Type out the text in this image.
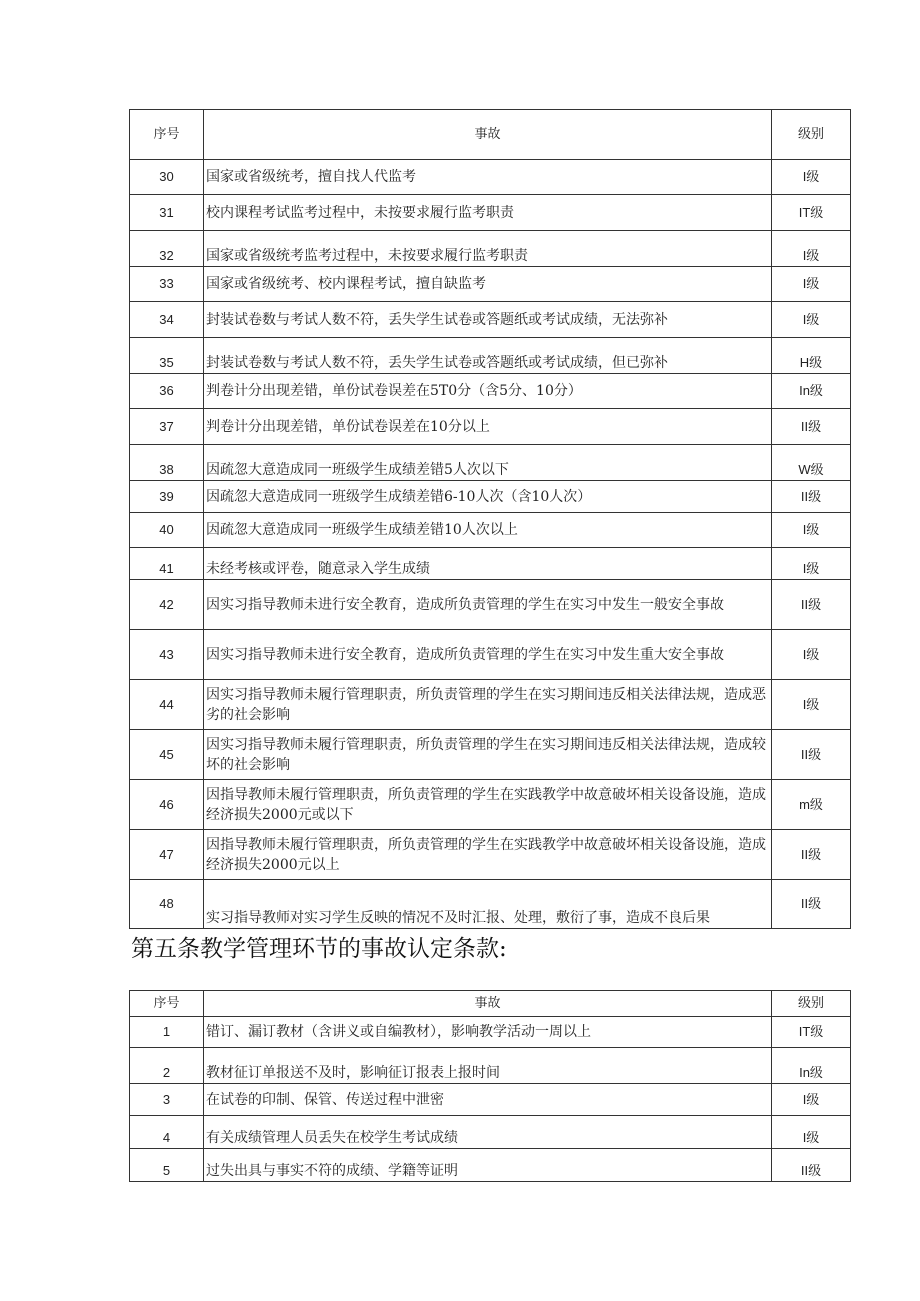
序号	事故	级别
30	国家或省级统考，擅自找人代监考	I级
31	校内课程考试监考过程中，未按要求履行监考职责	ΙΤ级
32	国家或省级统考监考过程中，未按要求履行监考职责	I级
33	国家或省级统考、校内课程考试，擅自缺监考	I级
34	封装试卷数与考试人数不符，丢失学生试卷或答题纸或考试成绩，无法弥补	I级
35	封装试卷数与考试人数不符，丢失学生试卷或答题纸或考试成绩，但已弥补	H级
36	判卷计分出现差错，单份试卷误差在5T0分（含5分、10分）	In级
37	判卷计分出现差错，单份试卷误差在10分以上	II级
38	因疏忽大意造成同一班级学生成绩差错5人次以下	W级
39	因疏忽大意造成同一班级学生成绩差错6-10人次（含10人次）	II级
40	因疏忽大意造成同一班级学生成绩差错10人次以上	I级
41	未经考核或评卷，随意录入学生成绩	I级
42	因实习指导教师未进行安全教育，造成所负责管理的学生在实习中发生一般安全事故	II级
43	因实习指导教师未进行安全教育，造成所负责管理的学生在实习中发生重大安全事故	I级
44	因实习指导教师未履行管理职责，所负责管理的学生在实习期间违反相关法律法规，造成恶劣的社会影响	I级
45	因实习指导教师未履行管理职责，所负责管理的学生在实习期间违反相关法律法规，造成较坏的社会影响	II级
46	因指导教师未履行管理职责，所负责管理的学生在实践教学中故意破坏相关设备设施，造成经济损失2000元或以下	m级
47	因指导教师未履行管理职责，所负责管理的学生在实践教学中故意破坏相关设备设施，造成经济损失2000元以上	II级
48	实习指导教师对实习学生反映的情况不及时汇报、处理，敷衍了事，造成不良后果	II级
第五条教学管理环节的事故认定条款:
序号	事故	级别
1	错订、漏订教材（含讲义或自编教材），影响教学活动一周以上	ΙΤ级
2	教材征订单报送不及时，影响征订报表上报时间	In级
3	在试卷的印制、保管、传送过程中泄密	I级
4	有关成绩管理人员丢失在校学生考试成绩	I级
5	过失出具与事实不符的成绩、学籍等证明	II级
